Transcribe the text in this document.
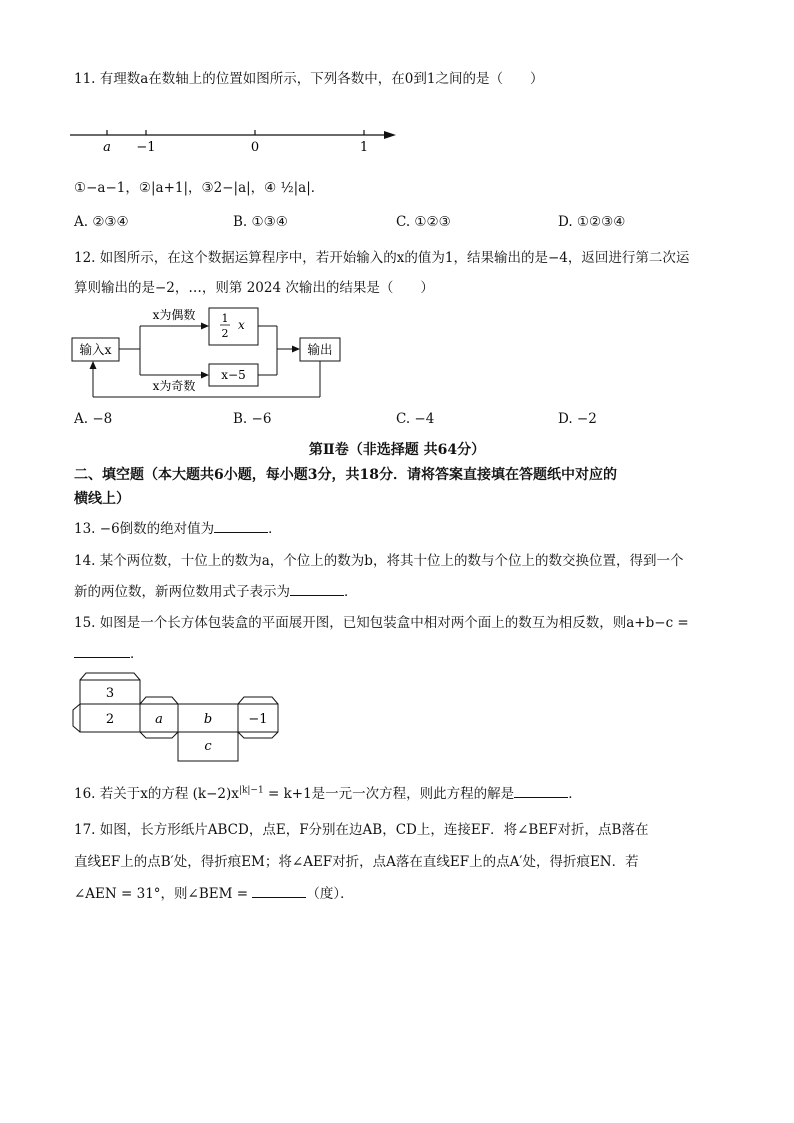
11. 有理数a在数轴上的位置如图所示，下列各数中，在0到1之间的是（　　）
a −1	0	1
①−a−1，②|a+1|，③2−|a|，④ ½|a|．
A. ②③④	B. ①③④	C. ①②③	D. ①②③④
12. 如图所示，在这个数据运算程序中，若开始输入的x的值为1，结果输出的是−4，返回进行第二次运
算则输出的是−2，…，则第 2024 次输出的结果是（　　）
输入x
1
2
x
x−5
输出
x为偶数
x为奇数
A. −8	B. −6	C. −4	D. −2
第Ⅱ卷（非选择题 共64分）
二、填空题（本大题共6小题，每小题3分，共18分．请将答案直接填在答题纸中对应的
横线上）
13. −6倒数的绝对值为	．
14. 某个两位数，十位上的数为a，个位上的数为b，将其十位上的数与个位上的数交换位置，得到一个
新的两位数，新两位数用式子表示为	．
15. 如图是一个长方体包装盒的平面展开图，已知包装盒中相对两个面上的数互为相反数，则a+b−c =
．
3
2	a	b	−1
c
16. 若关于x的方程 $(k-2)x^{|k|-1} = k+1$是一元一次方程，则此方程的解是	．
17. 如图，长方形纸片ABCD，点E，F分别在边AB，CD上，连接EF．将∠BEF对折，点B落在
直线EF上的点B′处，得折痕EM；将∠AEF对折，点A落在直线EF上的点A′处，得折痕EN．若
∠AEN = 31°，则∠BEM =	（度）．
